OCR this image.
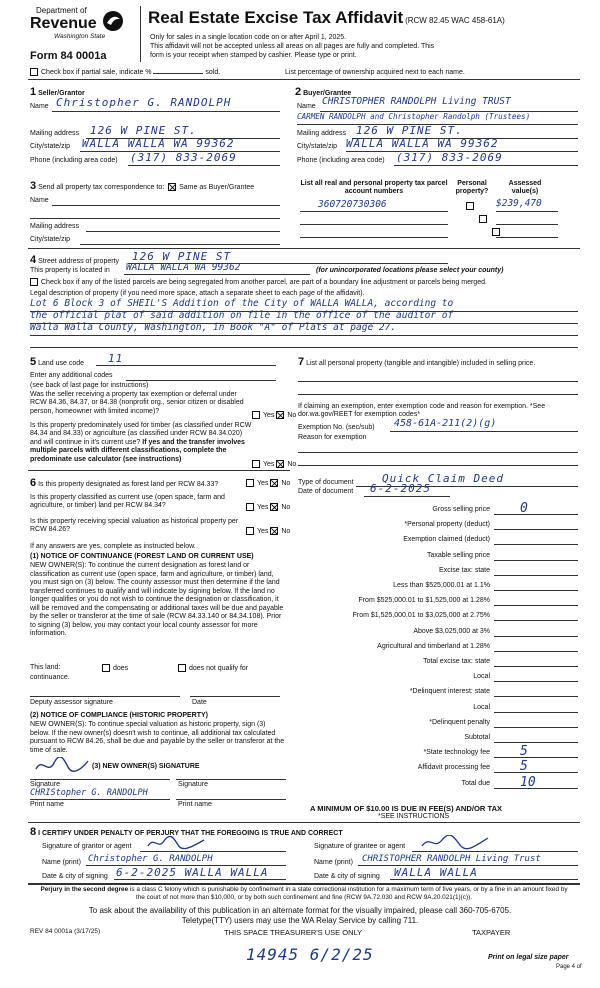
Department of
Revenue
Washington State
Form 84 0001a
Real Estate Excise Tax Affidavit (RCW 82.45 WAC 458-61A)
Only for sales in a single location code on or after April 1, 2025.
This affidavit will not be accepted unless all areas on all pages are fully and completed. This
form is your receipt when stamped by cashier. Please type or print.
Check box if partial sale, indicate %	sold.	List percentage of ownership acquired next to each name.
1 Seller/Grantor
Name Christopher G. RANDOLPH
Mailing address 126 W PINE ST.
City/state/zip WALLA WALLA WA 99362
Phone (including area code) (317) 833-2069
2 Buyer/Grantee
Name CHRISTOPHER RANDOLPH Living TRUST
CARMEN RANDOLPH and Christopher Randolph (Trustees)
Mailing address 126 W PINE ST.
City/state/zip WALLA WALLA WA 99362
Phone (including area code) (317) 833-2069
3 Send all property tax correspondence to: Same as Buyer/Grantee
Name
Mailing address
City/state/zip
List all real and personal property tax parcel account numbers
Personal property?
Assessed value(s)
360720730306	$239,470

4 Street address of property 126 W PINE ST
This property is located in WALLA WALLA WA 99362	(for unincorporated locations please select your county)
Check box if any of the listed parcels are being segregated from another parcel, are part of a boundary line adjustment or parcels being merged.
Legal description of property (if you need more space, attach a separate sheet to each page of the affidavit).
Lot 6 Block 3 of SHEIL'S Addition of the City of WALLA WALLA, according to
the official plat of said addition on file in the office of the auditor of
Walla Walla County, Washington, in Book "A" of Plats at page 27.
5 Land use code 11
Enter any additional codes
(see back of last page for instructions)
Was the seller receiving a property tax exemption or deferral under RCW 84.36, 84.37, or 84.38 (nonprofit org., senior citizen or disabled person, homeowner with limited income)?
Yes No
Is this property predominately used for timber (as classified under RCW 84.34 and 84.33) or agriculture (as classified under RCW 84.34.020) and will continue in it's current use? If yes and the transfer involves multiple parcels with different classifications, complete the predominate use calculator (see instructions)
Yes No
6 Is this property designated as forest land per RCW 84.33?	Yes No
Is this property classified as current use (open space, farm and agriculture, or timber) land per RCW 84.34?	Yes No
Is this property receiving special valuation as historical property per RCW 84.26?	Yes No
If any answers are yes, complete as instructed below.
(1) NOTICE OF CONTINUANCE (FOREST LAND OR CURRENT USE)
NEW OWNER(S): To continue the current designation as forest land or classification as current use (open space, farm and agriculture, or timber) land, you must sign on (3) below. The county assessor must then determine if the land transferred continues to qualify and will indicate by signing below. If the land no longer qualifies or you do not wish to continue the designation or classification, it will be removed and the compensating or additional taxes will be due and payable by the seller or transferor at the time of sale (RCW 84.33.140 or 84.34.108). Prior to signing (3) below, you may contact your local county assessor for more information.
This land:	does	does not qualify for
continuance.
Deputy assessor signature	Date
(2) NOTICE OF COMPLIANCE (HISTORIC PROPERTY)
NEW OWNER(S): To continue special valuation as historic property, sign (3) below. If the new owner(s) doesn't wish to continue, all additional tax calculated pursuant to RCW 84.26, shall be due and payable by the seller or transferor at the time of sale.
(3) NEW OWNER(S) SIGNATURE
Signature	Signature
CHRIStopher G. RANDOLPH
Print name	Print name
7 List all personal property (tangible and intangible) included in selling price.
If claiming an exemption, enter exemption code and reason for exemption. *See dor.wa.gov/REET for exemption codes*
Exemption No. (sec/sub) 458-61A-211(2)(g)
Reason for exemption
Type of document	Quick Claim Deed
Date of document 6-2-2025
Gross selling price 0
*Personal property (deduct)
Exemption claimed (deduct)
Taxable selling price
Excise tax: state
Less than $525,000.01 at 1.1%
From $525,000.01 to $1,525,000 at 1.28%
From $1,525,000.01 to $3,025,000 at 2.75%
Above $3,025,000 at 3%
Agricultural and timberland at 1.28%
Total excise tax: state
Local
*Delinquent interest: state
Local
*Delinquent penalty
Subtotal
*State technology fee 5
Affidavit processing fee 5
Total due 10
A MINIMUM OF $10.00 IS DUE IN FEE(S) AND/OR TAX
*SEE INSTRUCTIONS
8 I CERTIFY UNDER PENALTY OF PERJURY THAT THE FOREGOING IS TRUE AND CORRECT
Signature of grantor or agent
Name (print) Christopher G. RANDOLPH
Date & city of signing 6-2-2025 WALLA WALLA
Signature of grantee or agent
Name (print) CHRISTOPHER RANDOLPH Living Trust
Date & city of signing WALLA WALLA
Perjury in the second degree is a class C felony which is punishable by confinement in a state correctional institution for a maximum term of five years, or by a fine in an amount fixed by the court of not more than $10,000, or by both such confinement and fine (RCW 9A.72.030 and RCW 9A.20.021(1)(c)).
To ask about the availability of this publication in an alternate format for the visually impaired, please call 360-705-6705.
Teletype(TTY) users may use the WA Relay Service by calling 711.
REV 84 0001a (3/17/25)	THIS SPACE TREASURER'S USE ONLY	TAXPAYER
14945 6/2/25	Print on legal size paper
Page 4 of
